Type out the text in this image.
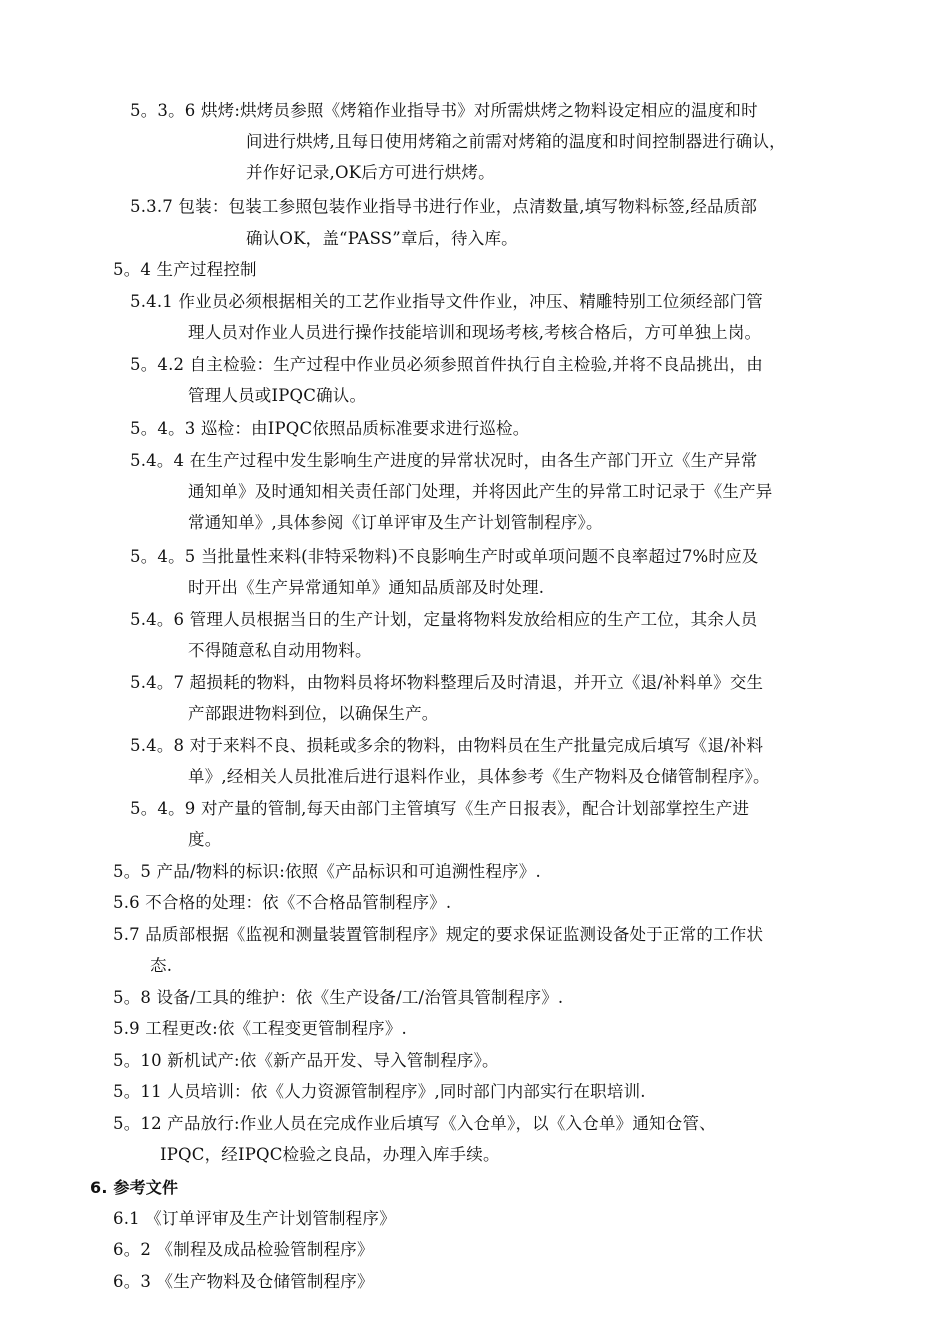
5。3。6 烘烤:烘烤员参照《烤箱作业指导书》对所需烘烤之物料设定相应的温度和时
间进行烘烤,且每日使用烤箱之前需对烤箱的温度和时间控制器进行确认，
并作好记录,OK后方可进行烘烤。
5.3.7 包装：包装工参照包装作业指导书进行作业，点清数量,填写物料标签,经品质部
确认OK，盖“PASS”章后，待入库。
5。4 生产过程控制
5.4.1 作业员必须根据相关的工艺作业指导文件作业，冲压、精雕特别工位须经部门管
理人员对作业人员进行操作技能培训和现场考核,考核合格后，方可单独上岗。
5。4.2 自主检验：生产过程中作业员必须参照首件执行自主检验,并将不良品挑出，由
管理人员或IPQC确认。
5。4。3 巡检：由IPQC依照品质标准要求进行巡检。
5.4。4 在生产过程中发生影响生产进度的异常状况时，由各生产部门开立《生产异常
通知单》及时通知相关责任部门处理，并将因此产生的异常工时记录于《生产异
常通知单》,具体参阅《订单评审及生产计划管制程序》。
5。4。5 当批量性来料(非特采物料)不良影响生产时或单项问题不良率超过7%时应及
时开出《生产异常通知单》通知品质部及时处理.
5.4。6 管理人员根据当日的生产计划，定量将物料发放给相应的生产工位，其余人员
不得随意私自动用物料。
5.4。7 超损耗的物料，由物料员将坏物料整理后及时清退，并开立《退/补料单》交生
产部跟进物料到位，以确保生产。
5.4。8 对于来料不良、损耗或多余的物料，由物料员在生产批量完成后填写《退/补料
单》,经相关人员批准后进行退料作业，具体参考《生产物料及仓储管制程序》。
5。4。9 对产量的管制,每天由部门主管填写《生产日报表》，配合计划部掌控生产进
度。
5。5 产品/物料的标识:依照《产品标识和可追溯性程序》.
5.6 不合格的处理：依《不合格品管制程序》.
5.7 品质部根据《监视和测量装置管制程序》规定的要求保证监测设备处于正常的工作状
态.
5。8 设备/工具的维护：依《生产设备/工/治管具管制程序》.
5.9 工程更改:依《工程变更管制程序》.
5。10 新机试产:依《新产品开发、导入管制程序》。
5。11 人员培训：依《人力资源管制程序》,同时部门内部实行在职培训.
5。12 产品放行:作业人员在完成作业后填写《入仓单》，以《入仓单》通知仓管、
IPQC，经IPQC检验之良品，办理入库手续。
6. 参考文件
6.1 《订单评审及生产计划管制程序》
6。2 《制程及成品检验管制程序》
6。3 《生产物料及仓储管制程序》
